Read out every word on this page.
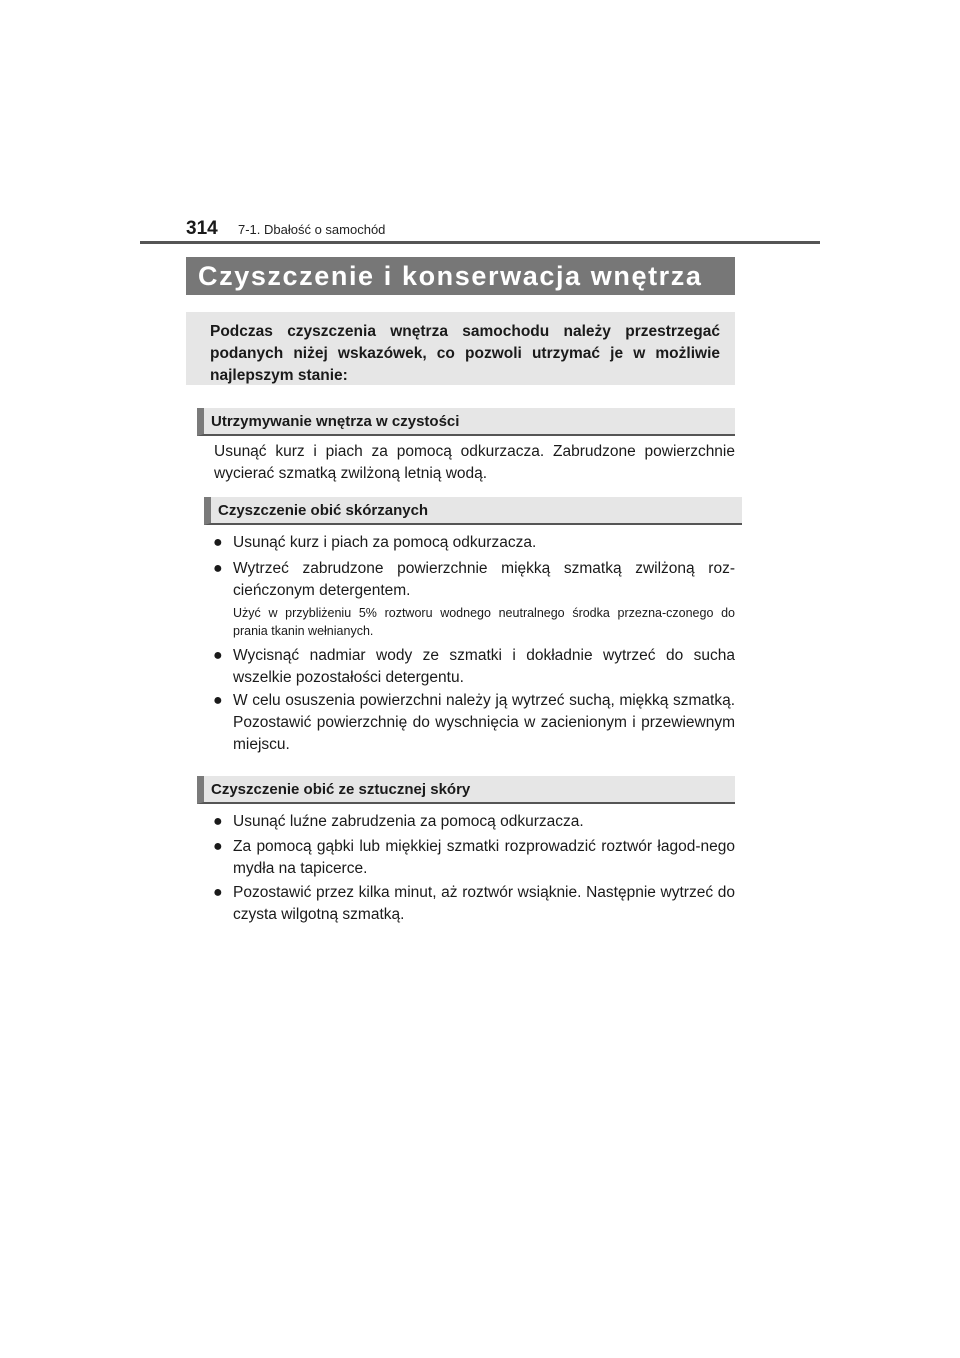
314	7-1. Dbałość o samochód
Czyszczenie i konserwacja wnętrza
Podczas czyszczenia wnętrza samochodu należy przestrzegać podanych niżej wskazówek, co pozwoli utrzymać je w możliwie najlepszym stanie:
Utrzymywanie wnętrza w czystości
Usunąć kurz i piach za pomocą odkurzacza. Zabrudzone powierzchnie wycierać szmatką zwilżoną letnią wodą.
Czyszczenie obić skórzanych
● Usunąć kurz i piach za pomocą odkurzacza.
● Wytrzeć zabrudzone powierzchnie miękką szmatką zwilżoną roz-cieńczonym detergentem.
Użyć w przybliżeniu 5% roztworu wodnego neutralnego środka przezna-czonego do prania tkanin wełnianych.
● Wycisnąć nadmiar wody ze szmatki i dokładnie wytrzeć do sucha wszelkie pozostałości detergentu.
● W celu osuszenia powierzchni należy ją wytrzeć suchą, miękką szmatką. Pozostawić powierzchnię do wyschnięcia w zacienionym i przewiewnym miejscu.
Czyszczenie obić ze sztucznej skóry
● Usunąć luźne zabrudzenia za pomocą odkurzacza.
● Za pomocą gąbki lub miękkiej szmatki rozprowadzić roztwór łagod-nego mydła na tapicerce.
● Pozostawić przez kilka minut, aż roztwór wsiąknie. Następnie wytrzeć do czysta wilgotną szmatką.
